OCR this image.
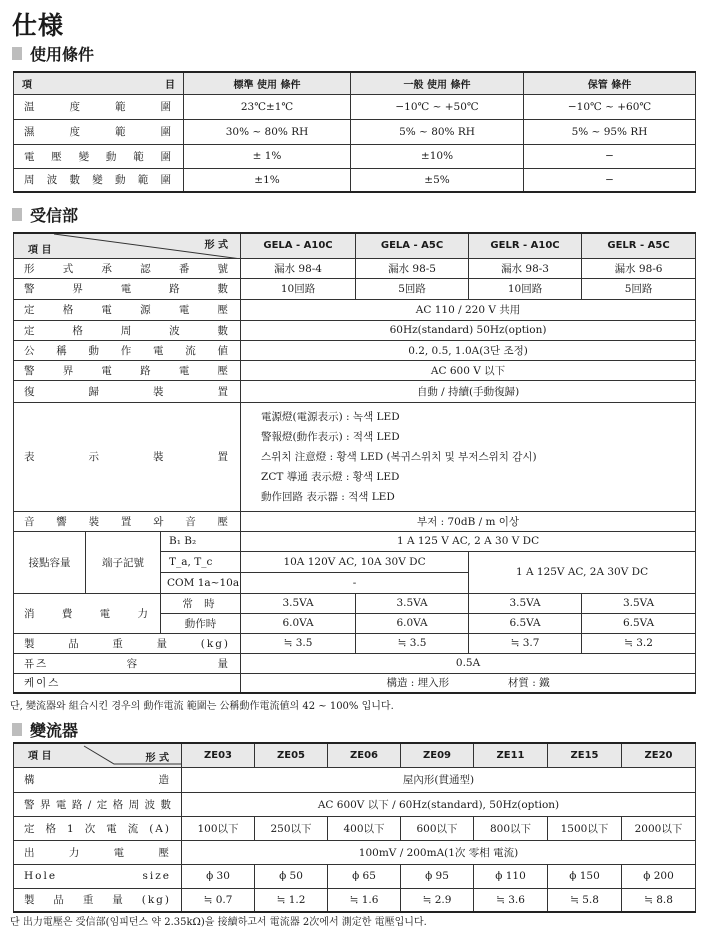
仕様
使用條件
項 目	標準 使用 條件	一般 使用 條件	保管 條件
温度範圍	23℃±1℃	−10℃ ~ +50℃	−10℃ ~ +60℃
濕度範圍	30% ~ 80% RH	5% ~ 80% RH	5% ~ 95% RH
電壓變動範圍	± 1%	±10%	−
周波數變動範圍	±1%	±5%	−
受信部
項 目 形 式			GELA - A10C	GELA - A5C	GELR - A10C	GELR - A5C
形式承認番號			漏水 98-4	漏水 98-5	漏水 98-3	漏水 98-6
警界電路數			10回路	5回路	10回路	5回路
定格電源電壓			AC 110 / 220 V 共用			
定格周波數			60Hz(standard) 50Hz(option)			
公稱動作電流値			0.2, 0.5, 1.0A(3단 조정)			
警界電路電壓			AC 600 V 以下			
復歸裝置			自動 / 持續(手動復歸)			
表示裝置			電源燈(電源表示) : 녹색 LED
警報燈(動作表示) : 적색 LED
스위치 注意燈 : 황색 LED (복귀스위치 및 부저스위치 감시)
ZCT 導通 表示燈 : 황색 LED
動作回路 表示器 : 적색 LED			

音響裝置와音壓			부저 : 70dB / m 이상			
接點容量	端子記號	B₁ B₂	1 A 125 V AC, 2 A 30 V DC			
		T_a, T_c	10A 120V AC, 10A 30V DC		1 A 125V AC, 2A 30V DC	
		COM 1a~10a	-			
消費電力		常 時	3.5VA	3.5VA	3.5VA	3.5VA
		動作時	6.0VA	6.0VA	6.5VA	6.5VA
製品重量(kg)			≒ 3.5	≒ 3.5	≒ 3.7	≒ 3.2
퓨즈容量			0.5A			
케이스			構造 : 埋入形 材質 : 鐵			
단, 變流器와 組合시킨 경우의 動作電流 範圍는 公稱動作電流値의 42 ~ 100% 입니다.
變流器
項 目 形 式	ZE03	ZE05	ZE06	ZE09	ZE11	ZE15	ZE20
構造	屋內形(貫通型)						
警界電路/定格周波數	AC 600V 以下 / 60Hz(standard), 50Hz(option)						
定格1次電流(A)	100以下	250以下	400以下	600以下	800以下	1500以下	2000以下
出力電壓	100mV / 200mA(1次 零相 電流)						
Hole size	ϕ 30	ϕ 50	ϕ 65	ϕ 95	ϕ 110	ϕ 150	ϕ 200
製品重量(kg)	≒ 0.7	≒ 1.2	≒ 1.6	≒ 2.9	≒ 3.6	≒ 5.8	≒ 8.8
단 出力電壓은 受信部(임피던스 약 2.35kΩ)을 接續하고서 電流器 2次에서 測定한 電壓입니다.
